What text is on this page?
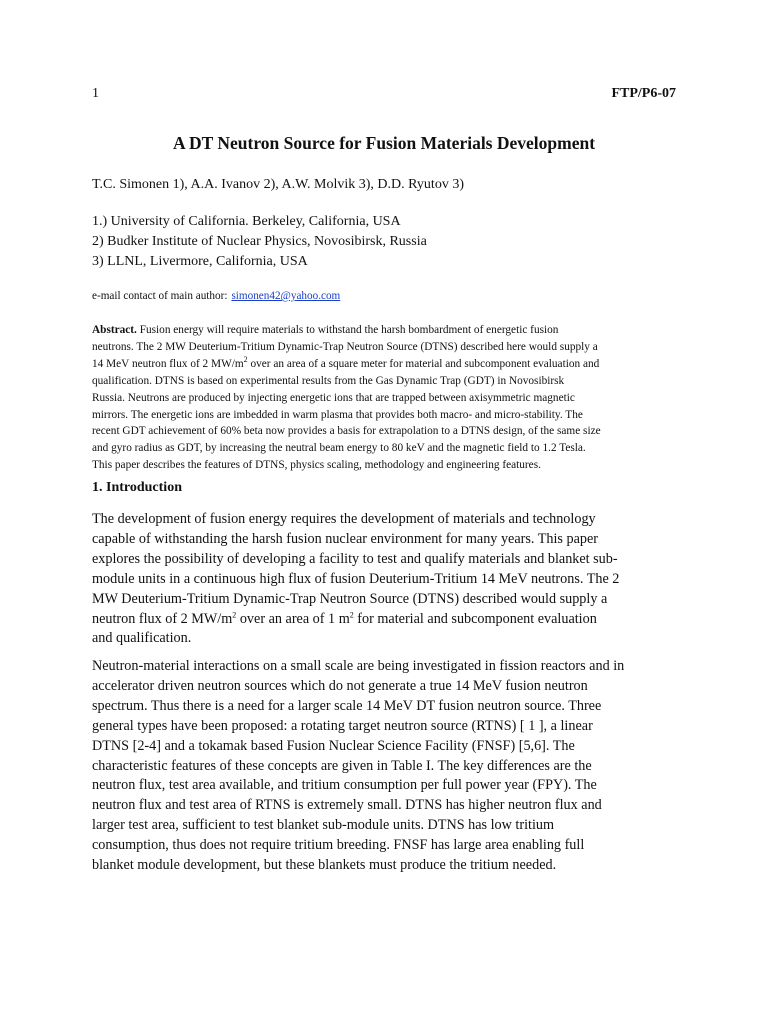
1	FTP/P6-07
A DT Neutron Source for Fusion Materials Development
T.C. Simonen 1), A.A. Ivanov 2), A.W. Molvik 3), D.D. Ryutov 3)
1.) University of California. Berkeley, California, USA
2) Budker Institute of Nuclear Physics, Novosibirsk, Russia
3) LLNL, Livermore, California, USA
e-mail contact of main author: simonen42@yahoo.com
Abstract. Fusion energy will require materials to withstand the harsh bombardment of energetic fusion
neutrons. The 2 MW Deuterium-Tritium Dynamic-Trap Neutron Source (DTNS) described here would supply a
14 MeV neutron flux of 2 $MW/m^2$ over an area of a square meter for material and subcomponent evaluation and
qualification. DTNS is based on experimental results from the Gas Dynamic Trap (GDT) in Novosibirsk
Russia. Neutrons are produced by injecting energetic ions that are trapped between axisymmetric magnetic
mirrors. The energetic ions are imbedded in warm plasma that provides both macro- and micro-stability. The
recent GDT achievement of 60% beta now provides a basis for extrapolation to a DTNS design, of the same size
and gyro radius as GDT, by increasing the neutral beam energy to 80 keV and the magnetic field to 1.2 Tesla.
This paper describes the features of DTNS, physics scaling, methodology and engineering features.
1. Introduction
The development of fusion energy requires the development of materials and technology
capable of withstanding the harsh fusion nuclear environment for many years. This paper
explores the possibility of developing a facility to test and qualify materials and blanket sub-
module units in a continuous high flux of fusion Deuterium-Tritium 14 MeV neutrons. The 2
MW Deuterium-Tritium Dynamic-Trap Neutron Source (DTNS) described would supply a
neutron flux of 2 $MW/m^2$ over an area of 1 $m^2$ for material and subcomponent evaluation
and qualification.
Neutron-material interactions on a small scale are being investigated in fission reactors and in
accelerator driven neutron sources which do not generate a true 14 MeV fusion neutron
spectrum. Thus there is a need for a larger scale 14 MeV DT fusion neutron source. Three
general types have been proposed: a rotating target neutron source (RTNS) [ 1 ], a linear
DTNS [2-4] and a tokamak based Fusion Nuclear Science Facility (FNSF) [5,6]. The
characteristic features of these concepts are given in Table I. The key differences are the
neutron flux, test area available, and tritium consumption per full power year (FPY). The
neutron flux and test area of RTNS is extremely small. DTNS has higher neutron flux and
larger test area, sufficient to test blanket sub-module units. DTNS has low tritium
consumption, thus does not require tritium breeding. FNSF has large area enabling full
blanket module development, but these blankets must produce the tritium needed.
